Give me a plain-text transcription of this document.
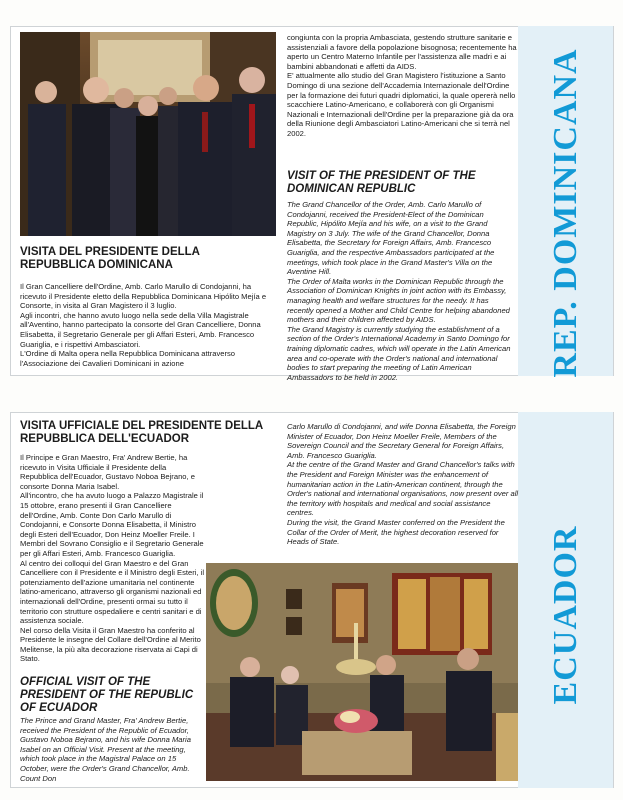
REP. DOMINICANA
VISITA DEL PRESIDENTE DELLA REPUBBLICA DOMINICANA

Il Gran Cancelliere dell'Ordine, Amb. Carlo Marullo di Condojanni, ha ricevuto il Presidente eletto della Repubblica Dominicana Hipólito Mejía e Consorte, in visita al Gran Magistero il 3 luglio.

Agli incontri, che hanno avuto luogo nella sede della Villa Magistrale all'Aventino, hanno partecipato la consorte del Gran Cancelliere, Donna Elisabetta, il Segretario Generale per gli Affari Esteri, Amb. Francesco Guariglia, e i rispettivi Ambasciatori.

L'Ordine di Malta opera nella Repubblica Dominicana attraverso l'Associazione dei Cavalieri Dominicani in azione

congiunta con la propria Ambasciata, gestendo strutture sanitarie e assistenziali a favore della popolazione bisognosa; recentemente ha aperto un Centro Materno Infantile per l'assistenza alle madri e ai bambini abbandonati e affetti da AIDS.

E' attualmente allo studio del Gran Magistero l'istituzione a Santo Domingo di una sezione dell'Accademia Internazionale dell'Ordine per la formazione dei futuri quadri diplomatici, la quale opererà nello scacchiere Latino-Americano, e collaborerà con gli Organismi Nazionali e Internazionali dell'Ordine per la preparazione già da ora della Riunione degli Ambasciatori Latino-Americani che si terrà nel 2002.

VISIT OF THE PRESIDENT OF THE DOMINICAN REPUBLIC

The Grand Chancellor of the Order, Amb. Carlo Marullo of Condojanni, received the President-Elect of the Dominican Republic, Hipólito Mejía and his wife, on a visit to the Grand Magistry on 3 July. The wife of the Grand Chancellor, Donna Elisabetta, the Secretary for Foreign Affairs, Amb. Francesco Guariglia, and the respective Ambassadors participated at the meetings, which took place in the Grand Master's Villa on the Aventine Hill.

The Order of Malta works in the Dominican Republic through the Association of Dominican Knights in joint action with its Embassy, managing health and welfare structures for the needy. It has recently opened a Mother and Child Centre for helping abandoned mothers and their children affected by AIDS.

The Grand Magistry is currently studying the establishment of a section of the Order's International Academy in Santo Domingo for training diplomatic cadres, which will operate in the Latin American area and co-operate with the Order's national and international bodies to start preparing the meeting of Latin American Ambassadors to be held in 2002.

ECUADOR
VISITA UFFICIALE DEL PRESIDENTE DELLA REPUBBLICA DELL'ECUADOR

Il Principe e Gran Maestro, Fra' Andrew Bertie, ha ricevuto in Visita Ufficiale il Presidente della Repubblica dell'Ecuador, Gustavo Noboa Bejrano, e consorte Donna Maria Isabel.

All'incontro, che ha avuto luogo a Palazzo Magistrale il 15 ottobre, erano presenti il Gran Cancelliere dell'Ordine, Amb. Conte Don Carlo Marullo di Condojanni, e Consorte Donna Elisabetta, il Ministro degli Esteri dell'Ecuador, Don Heinz Moeller Freile. I Membri del Sovrano Consiglio e il Segretario Generale per gli Affari Esteri, Amb. Francesco Guariglia.

Al centro dei colloqui del Gran Maestro e del Gran Cancelliere con il Presidente e il Ministro degli Esteri, il potenziamento dell'azione umanitaria nel continente latino-americano, attraverso gli organismi nazionali ed internazionali dell'Ordine, presenti ormai su tutto il territorio con strutture ospedaliere e centri sanitari e di assistenza sociale.

Nel corso della Visita il Gran Maestro ha conferito al Presidente le insegne del Collare dell'Ordine al Merito Melitense, la più alta decorazione riservata ai Capi di Stato.

Carlo Marullo di Condojanni, and wife Donna Elisabetta, the Foreign Minister of Ecuador, Don Heinz Moeller Freile, Members of the Sovereign Council and the Secretary General for Foreign Affairs, Amb. Francesco Guariglia.

At the centre of the Grand Master and Grand Chancellor's talks with the President and Foreign Minister was the enhancement of humanitarian action in the Latin-American continent, through the Order's national and international organisations, now present over all the territory with hospitals and medical and social assistance centres.

During the visit, the Grand Master conferred on the President the Collar of the Order of Merit, the highest decoration reserved for Heads of State.

OFFICIAL VISIT OF THE PRESIDENT OF THE REPUBLIC OF ECUADOR

The Prince and Grand Master, Fra' Andrew Bertie, received the President of the Republic of Ecuador, Gustavo Noboa Bejrano, and his wife Donna Maria Isabel on an Official Visit. Present at the meeting, which took place in the Magistral Palace on 15 October, were the Order's Grand Chancellor, Amb. Count Don
